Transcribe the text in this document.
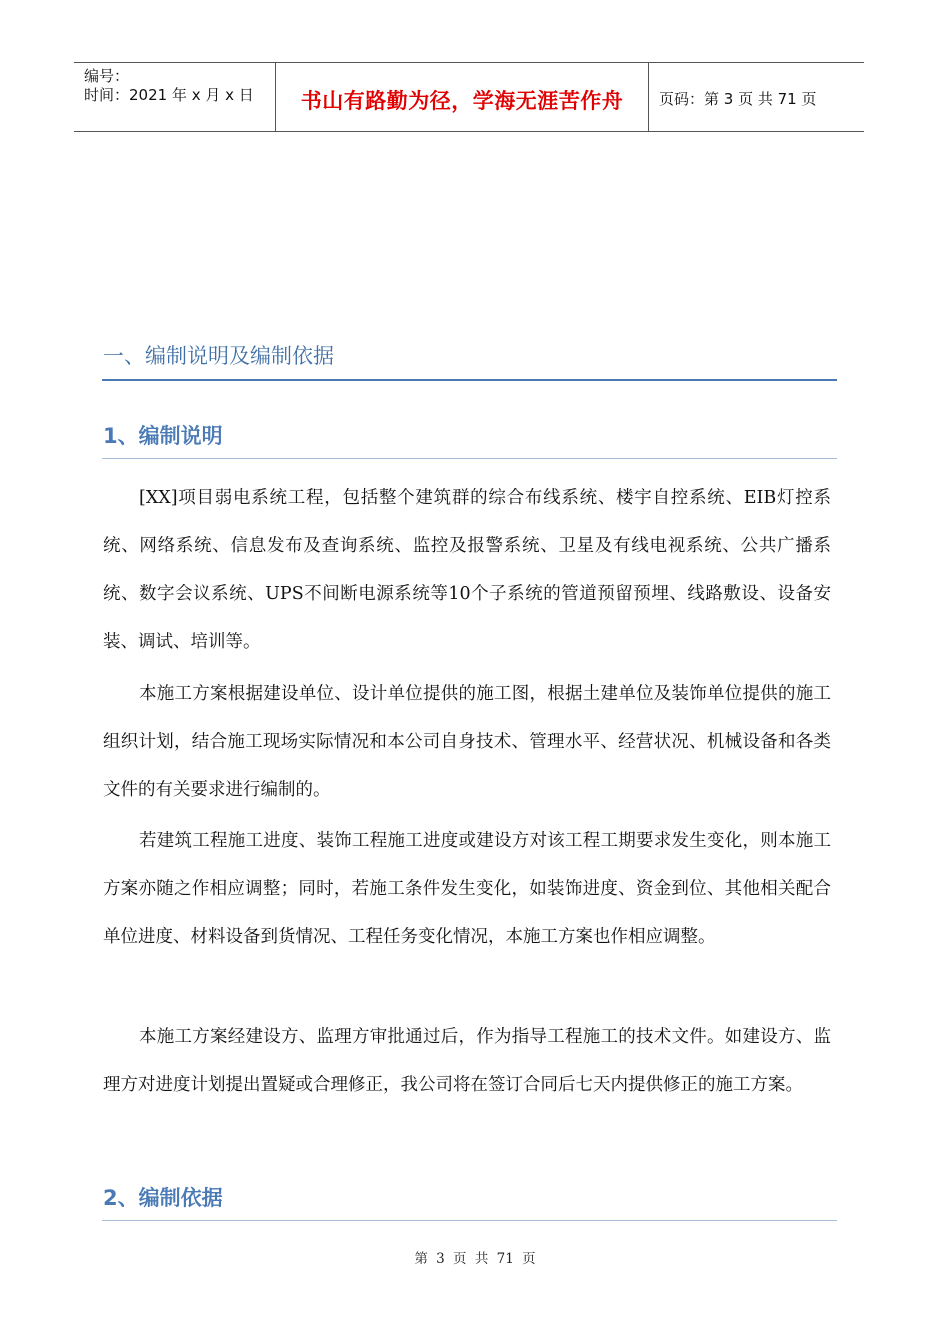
编号：
时间：2021 年 x 月 x 日	书山有路勤为径，学海无涯苦作舟	页码：第 3 页 共 71 页
一、编制说明及编制依据
1、编制说明

[XX]项目弱电系统工程，包括整个建筑群的综合布线系统、楼宇自控系统、EIB灯控系统、网络系统、信息发布及查询系统、监控及报警系统、卫星及有线电视系统、公共广播系统、数字会议系统、UPS不间断电源系统等10个子系统的管道预留预埋、线路敷设、设备安装、调试、培训等。

本施工方案根据建设单位、设计单位提供的施工图，根据土建单位及装饰单位提供的施工组织计划，结合施工现场实际情况和本公司自身技术、管理水平、经营状况、机械设备和各类文件的有关要求进行编制的。

若建筑工程施工进度、装饰工程施工进度或建设方对该工程工期要求发生变化，则本施工方案亦随之作相应调整；同时，若施工条件发生变化，如装饰进度、资金到位、其他相关配合单位进度、材料设备到货情况、工程任务变化情况，本施工方案也作相应调整。

本施工方案经建设方、监理方审批通过后，作为指导工程施工的技术文件。如建设方、监理方对进度计划提出置疑或合理修正，我公司将在签订合同后七天内提供修正的施工方案。

2、编制依据
第 3 页 共 71 页
